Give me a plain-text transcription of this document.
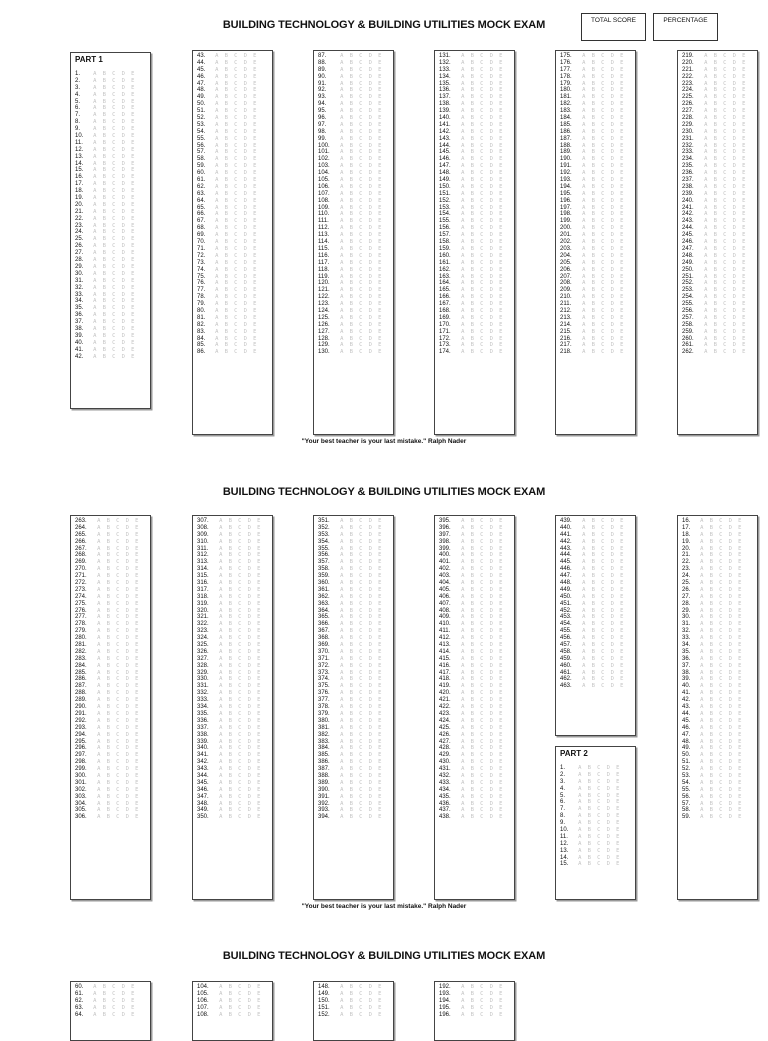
BUILDING TECHNOLOGY & BUILDING UTILITIES MOCK EXAM	TOTAL SCORE	PERCENTAGE
PART 1
1.	A	B	C	D	E
2.	A	B	C	D	E
3.	A	B	C	D	E
4.	A	B	C	D	E
5.	A	B	C	D	E
6.	A	B	C	D	E
7.	A	B	C	D	E
8.	A	B	C	D	E
9.	A	B	C	D	E
10.	A	B	C	D	E
11.	A	B	C	D	E
12.	A	B	C	D	E
13.	A	B	C	D	E
14.	A	B	C	D	E
15.	A	B	C	D	E
16.	A	B	C	D	E
17.	A	B	C	D	E
18.	A	B	C	D	E
19.	A	B	C	D	E
20.	A	B	C	D	E
21.	A	B	C	D	E
22.	A	B	C	D	E
23.	A	B	C	D	E
24.	A	B	C	D	E
25.	A	B	C	D	E
26.	A	B	C	D	E
27.	A	B	C	D	E
28.	A	B	C	D	E
29.	A	B	C	D	E
30.	A	B	C	D	E
31.	A	B	C	D	E
32.	A	B	C	D	E
33.	A	B	C	D	E
34.	A	B	C	D	E
35.	A	B	C	D	E
36.	A	B	C	D	E
37.	A	B	C	D	E
38.	A	B	C	D	E
39.	A	B	C	D	E
40.	A	B	C	D	E
41.	A	B	C	D	E
42.	A	B	C	D	E
43.	A	B	C	D	E
44.	A	B	C	D	E
45.	A	B	C	D	E
46.	A	B	C	D	E
47.	A	B	C	D	E
48.	A	B	C	D	E
49.	A	B	C	D	E
50.	A	B	C	D	E
51.	A	B	C	D	E
52.	A	B	C	D	E
53.	A	B	C	D	E
54.	A	B	C	D	E
55.	A	B	C	D	E
56.	A	B	C	D	E
57.	A	B	C	D	E
58.	A	B	C	D	E
59.	A	B	C	D	E
60.	A	B	C	D	E
61.	A	B	C	D	E
62.	A	B	C	D	E
63.	A	B	C	D	E
64.	A	B	C	D	E
65.	A	B	C	D	E
66.	A	B	C	D	E
67.	A	B	C	D	E
68.	A	B	C	D	E
69.	A	B	C	D	E
70.	A	B	C	D	E
71.	A	B	C	D	E
72.	A	B	C	D	E
73.	A	B	C	D	E
74.	A	B	C	D	E
75.	A	B	C	D	E
76.	A	B	C	D	E
77.	A	B	C	D	E
78.	A	B	C	D	E
79.	A	B	C	D	E
80.	A	B	C	D	E
81.	A	B	C	D	E
82.	A	B	C	D	E
83.	A	B	C	D	E
84.	A	B	C	D	E
85.	A	B	C	D	E
86.	A	B	C	D	E
87.	A	B	C	D	E
88.	A	B	C	D	E
89.	A	B	C	D	E
90.	A	B	C	D	E
91.	A	B	C	D	E
92.	A	B	C	D	E
93.	A	B	C	D	E
94.	A	B	C	D	E
95.	A	B	C	D	E
96.	A	B	C	D	E
97.	A	B	C	D	E
98.	A	B	C	D	E
99.	A	B	C	D	E
100.	A	B	C	D	E
101.	A	B	C	D	E
102.	A	B	C	D	E
103.	A	B	C	D	E
104.	A	B	C	D	E
105.	A	B	C	D	E
106.	A	B	C	D	E
107.	A	B	C	D	E
108.	A	B	C	D	E
109.	A	B	C	D	E
110.	A	B	C	D	E
111.	A	B	C	D	E
112.	A	B	C	D	E
113.	A	B	C	D	E
114.	A	B	C	D	E
115.	A	B	C	D	E
116.	A	B	C	D	E
117.	A	B	C	D	E
118.	A	B	C	D	E
119.	A	B	C	D	E
120.	A	B	C	D	E
121.	A	B	C	D	E
122.	A	B	C	D	E
123.	A	B	C	D	E
124.	A	B	C	D	E
125.	A	B	C	D	E
126.	A	B	C	D	E
127.	A	B	C	D	E
128.	A	B	C	D	E
129.	A	B	C	D	E
130.	A	B	C	D	E
131.	A	B	C	D	E
132.	A	B	C	D	E
133.	A	B	C	D	E
134.	A	B	C	D	E
135.	A	B	C	D	E
136.	A	B	C	D	E
137.	A	B	C	D	E
138.	A	B	C	D	E
139.	A	B	C	D	E
140.	A	B	C	D	E
141.	A	B	C	D	E
142.	A	B	C	D	E
143.	A	B	C	D	E
144.	A	B	C	D	E
145.	A	B	C	D	E
146.	A	B	C	D	E
147.	A	B	C	D	E
148.	A	B	C	D	E
149.	A	B	C	D	E
150.	A	B	C	D	E
151.	A	B	C	D	E
152.	A	B	C	D	E
153.	A	B	C	D	E
154.	A	B	C	D	E
155.	A	B	C	D	E
156.	A	B	C	D	E
157.	A	B	C	D	E
158.	A	B	C	D	E
159.	A	B	C	D	E
160.	A	B	C	D	E
161.	A	B	C	D	E
162.	A	B	C	D	E
163.	A	B	C	D	E
164.	A	B	C	D	E
165.	A	B	C	D	E
166.	A	B	C	D	E
167.	A	B	C	D	E
168.	A	B	C	D	E
169.	A	B	C	D	E
170.	A	B	C	D	E
171.	A	B	C	D	E
172.	A	B	C	D	E
173.	A	B	C	D	E
174.	A	B	C	D	E
175.	A	B	C	D	E
176.	A	B	C	D	E
177.	A	B	C	D	E
178.	A	B	C	D	E
179.	A	B	C	D	E
180.	A	B	C	D	E
181.	A	B	C	D	E
182.	A	B	C	D	E
183.	A	B	C	D	E
184.	A	B	C	D	E
185.	A	B	C	D	E
186.	A	B	C	D	E
187.	A	B	C	D	E
188.	A	B	C	D	E
189.	A	B	C	D	E
190.	A	B	C	D	E
191.	A	B	C	D	E
192.	A	B	C	D	E
193.	A	B	C	D	E
194.	A	B	C	D	E
195.	A	B	C	D	E
196.	A	B	C	D	E
197.	A	B	C	D	E
198.	A	B	C	D	E
199.	A	B	C	D	E
200.	A	B	C	D	E
201.	A	B	C	D	E
202.	A	B	C	D	E
203.	A	B	C	D	E
204.	A	B	C	D	E
205.	A	B	C	D	E
206.	A	B	C	D	E
207.	A	B	C	D	E
208.	A	B	C	D	E
209.	A	B	C	D	E
210.	A	B	C	D	E
211.	A	B	C	D	E
212.	A	B	C	D	E
213.	A	B	C	D	E
214.	A	B	C	D	E
215.	A	B	C	D	E
216.	A	B	C	D	E
217.	A	B	C	D	E
218.	A	B	C	D	E
219.	A	B	C	D	E
220.	A	B	C	D	E
221.	A	B	C	D	E
222.	A	B	C	D	E
223.	A	B	C	D	E
224.	A	B	C	D	E
225.	A	B	C	D	E
226.	A	B	C	D	E
227.	A	B	C	D	E
228.	A	B	C	D	E
229.	A	B	C	D	E
230.	A	B	C	D	E
231.	A	B	C	D	E
232.	A	B	C	D	E
233.	A	B	C	D	E
234.	A	B	C	D	E
235.	A	B	C	D	E
236.	A	B	C	D	E
237.	A	B	C	D	E
238.	A	B	C	D	E
239.	A	B	C	D	E
240.	A	B	C	D	E
241.	A	B	C	D	E
242.	A	B	C	D	E
243.	A	B	C	D	E
244.	A	B	C	D	E
245.	A	B	C	D	E
246.	A	B	C	D	E
247.	A	B	C	D	E
248.	A	B	C	D	E
249.	A	B	C	D	E
250.	A	B	C	D	E
251.	A	B	C	D	E
252.	A	B	C	D	E
253.	A	B	C	D	E
254.	A	B	C	D	E
255.	A	B	C	D	E
256.	A	B	C	D	E
257.	A	B	C	D	E
258.	A	B	C	D	E
259.	A	B	C	D	E
260.	A	B	C	D	E
261.	A	B	C	D	E
262.	A	B	C	D	E
"Your best teacher is your last mistake." Ralph Nader
BUILDING TECHNOLOGY & BUILDING UTILITIES MOCK EXAM
263.	A	B	C	D	E
264.	A	B	C	D	E
265.	A	B	C	D	E
266.	A	B	C	D	E
267.	A	B	C	D	E
268.	A	B	C	D	E
269.	A	B	C	D	E
270.	A	B	C	D	E
271.	A	B	C	D	E
272.	A	B	C	D	E
273.	A	B	C	D	E
274.	A	B	C	D	E
275.	A	B	C	D	E
276.	A	B	C	D	E
277.	A	B	C	D	E
278.	A	B	C	D	E
279.	A	B	C	D	E
280.	A	B	C	D	E
281.	A	B	C	D	E
282.	A	B	C	D	E
283.	A	B	C	D	E
284.	A	B	C	D	E
285.	A	B	C	D	E
286.	A	B	C	D	E
287.	A	B	C	D	E
288.	A	B	C	D	E
289.	A	B	C	D	E
290.	A	B	C	D	E
291.	A	B	C	D	E
292.	A	B	C	D	E
293.	A	B	C	D	E
294.	A	B	C	D	E
295.	A	B	C	D	E
296.	A	B	C	D	E
297.	A	B	C	D	E
298.	A	B	C	D	E
299.	A	B	C	D	E
300.	A	B	C	D	E
301.	A	B	C	D	E
302.	A	B	C	D	E
303.	A	B	C	D	E
304.	A	B	C	D	E
305.	A	B	C	D	E
306.	A	B	C	D	E
307.	A	B	C	D	E
308.	A	B	C	D	E
309.	A	B	C	D	E
310.	A	B	C	D	E
311.	A	B	C	D	E
312.	A	B	C	D	E
313.	A	B	C	D	E
314.	A	B	C	D	E
315.	A	B	C	D	E
316.	A	B	C	D	E
317.	A	B	C	D	E
318.	A	B	C	D	E
319.	A	B	C	D	E
320.	A	B	C	D	E
321.	A	B	C	D	E
322.	A	B	C	D	E
323.	A	B	C	D	E
324.	A	B	C	D	E
325.	A	B	C	D	E
326.	A	B	C	D	E
327.	A	B	C	D	E
328.	A	B	C	D	E
329.	A	B	C	D	E
330.	A	B	C	D	E
331.	A	B	C	D	E
332.	A	B	C	D	E
333.	A	B	C	D	E
334.	A	B	C	D	E
335.	A	B	C	D	E
336.	A	B	C	D	E
337.	A	B	C	D	E
338.	A	B	C	D	E
339.	A	B	C	D	E
340.	A	B	C	D	E
341.	A	B	C	D	E
342.	A	B	C	D	E
343.	A	B	C	D	E
344.	A	B	C	D	E
345.	A	B	C	D	E
346.	A	B	C	D	E
347.	A	B	C	D	E
348.	A	B	C	D	E
349.	A	B	C	D	E
350.	A	B	C	D	E
351.	A	B	C	D	E
352.	A	B	C	D	E
353.	A	B	C	D	E
354.	A	B	C	D	E
355.	A	B	C	D	E
356.	A	B	C	D	E
357.	A	B	C	D	E
358.	A	B	C	D	E
359.	A	B	C	D	E
360.	A	B	C	D	E
361.	A	B	C	D	E
362.	A	B	C	D	E
363.	A	B	C	D	E
364.	A	B	C	D	E
365.	A	B	C	D	E
366.	A	B	C	D	E
367.	A	B	C	D	E
368.	A	B	C	D	E
369.	A	B	C	D	E
370.	A	B	C	D	E
371.	A	B	C	D	E
372.	A	B	C	D	E
373.	A	B	C	D	E
374.	A	B	C	D	E
375.	A	B	C	D	E
376.	A	B	C	D	E
377.	A	B	C	D	E
378.	A	B	C	D	E
379.	A	B	C	D	E
380.	A	B	C	D	E
381.	A	B	C	D	E
382.	A	B	C	D	E
383.	A	B	C	D	E
384.	A	B	C	D	E
385.	A	B	C	D	E
386.	A	B	C	D	E
387.	A	B	C	D	E
388.	A	B	C	D	E
389.	A	B	C	D	E
390.	A	B	C	D	E
391.	A	B	C	D	E
392.	A	B	C	D	E
393.	A	B	C	D	E
394.	A	B	C	D	E
395.	A	B	C	D	E
396.	A	B	C	D	E
397.	A	B	C	D	E
398.	A	B	C	D	E
399.	A	B	C	D	E
400.	A	B	C	D	E
401.	A	B	C	D	E
402.	A	B	C	D	E
403.	A	B	C	D	E
404.	A	B	C	D	E
405.	A	B	C	D	E
406.	A	B	C	D	E
407.	A	B	C	D	E
408.	A	B	C	D	E
409.	A	B	C	D	E
410.	A	B	C	D	E
411.	A	B	C	D	E
412.	A	B	C	D	E
413.	A	B	C	D	E
414.	A	B	C	D	E
415.	A	B	C	D	E
416.	A	B	C	D	E
417.	A	B	C	D	E
418.	A	B	C	D	E
419.	A	B	C	D	E
420.	A	B	C	D	E
421.	A	B	C	D	E
422.	A	B	C	D	E
423.	A	B	C	D	E
424.	A	B	C	D	E
425.	A	B	C	D	E
426.	A	B	C	D	E
427.	A	B	C	D	E
428.	A	B	C	D	E
429.	A	B	C	D	E
430.	A	B	C	D	E
431.	A	B	C	D	E
432.	A	B	C	D	E
433.	A	B	C	D	E
434.	A	B	C	D	E
435.	A	B	C	D	E
436.	A	B	C	D	E
437.	A	B	C	D	E
438.	A	B	C	D	E
439.	A	B	C	D	E
440.	A	B	C	D	E
441.	A	B	C	D	E
442.	A	B	C	D	E
443.	A	B	C	D	E
444.	A	B	C	D	E
445.	A	B	C	D	E
446.	A	B	C	D	E
447.	A	B	C	D	E
448.	A	B	C	D	E
449.	A	B	C	D	E
450.	A	B	C	D	E
451.	A	B	C	D	E
452.	A	B	C	D	E
453.	A	B	C	D	E
454.	A	B	C	D	E
455.	A	B	C	D	E
456.	A	B	C	D	E
457.	A	B	C	D	E
458.	A	B	C	D	E
459.	A	B	C	D	E
460.	A	B	C	D	E
461.	A	B	C	D	E
462.	A	B	C	D	E
463.	A	B	C	D	E
PART 2
1.	A	B	C	D	E
2.	A	B	C	D	E
3.	A	B	C	D	E
4.	A	B	C	D	E
5.	A	B	C	D	E
6.	A	B	C	D	E
7.	A	B	C	D	E
8.	A	B	C	D	E
9.	A	B	C	D	E
10.	A	B	C	D	E
11.	A	B	C	D	E
12.	A	B	C	D	E
13.	A	B	C	D	E
14.	A	B	C	D	E
15.	A	B	C	D	E
16.	A	B	C	D	E
17.	A	B	C	D	E
18.	A	B	C	D	E
19.	A	B	C	D	E
20.	A	B	C	D	E
21.	A	B	C	D	E
22.	A	B	C	D	E
23.	A	B	C	D	E
24.	A	B	C	D	E
25.	A	B	C	D	E
26.	A	B	C	D	E
27.	A	B	C	D	E
28.	A	B	C	D	E
29.	A	B	C	D	E
30.	A	B	C	D	E
31.	A	B	C	D	E
32.	A	B	C	D	E
33.	A	B	C	D	E
34.	A	B	C	D	E
35.	A	B	C	D	E
36.	A	B	C	D	E
37.	A	B	C	D	E
38.	A	B	C	D	E
39.	A	B	C	D	E
40.	A	B	C	D	E
41.	A	B	C	D	E
42.	A	B	C	D	E
43.	A	B	C	D	E
44.	A	B	C	D	E
45.	A	B	C	D	E
46.	A	B	C	D	E
47.	A	B	C	D	E
48.	A	B	C	D	E
49.	A	B	C	D	E
50.	A	B	C	D	E
51.	A	B	C	D	E
52.	A	B	C	D	E
53.	A	B	C	D	E
54.	A	B	C	D	E
55.	A	B	C	D	E
56.	A	B	C	D	E
57.	A	B	C	D	E
58.	A	B	C	D	E
59.	A	B	C	D	E
"Your best teacher is your last mistake." Ralph Nader
BUILDING TECHNOLOGY & BUILDING UTILITIES MOCK EXAM
60.	A	B	C	D	E
61.	A	B	C	D	E
62.	A	B	C	D	E
63.	A	B	C	D	E
64.	A	B	C	D	E
104.	A	B	C	D	E
105.	A	B	C	D	E
106.	A	B	C	D	E
107.	A	B	C	D	E
108.	A	B	C	D	E
148.	A	B	C	D	E
149.	A	B	C	D	E
150.	A	B	C	D	E
151.	A	B	C	D	E
152.	A	B	C	D	E
192.	A	B	C	D	E
193.	A	B	C	D	E
194.	A	B	C	D	E
195.	A	B	C	D	E
196.	A	B	C	D	E
